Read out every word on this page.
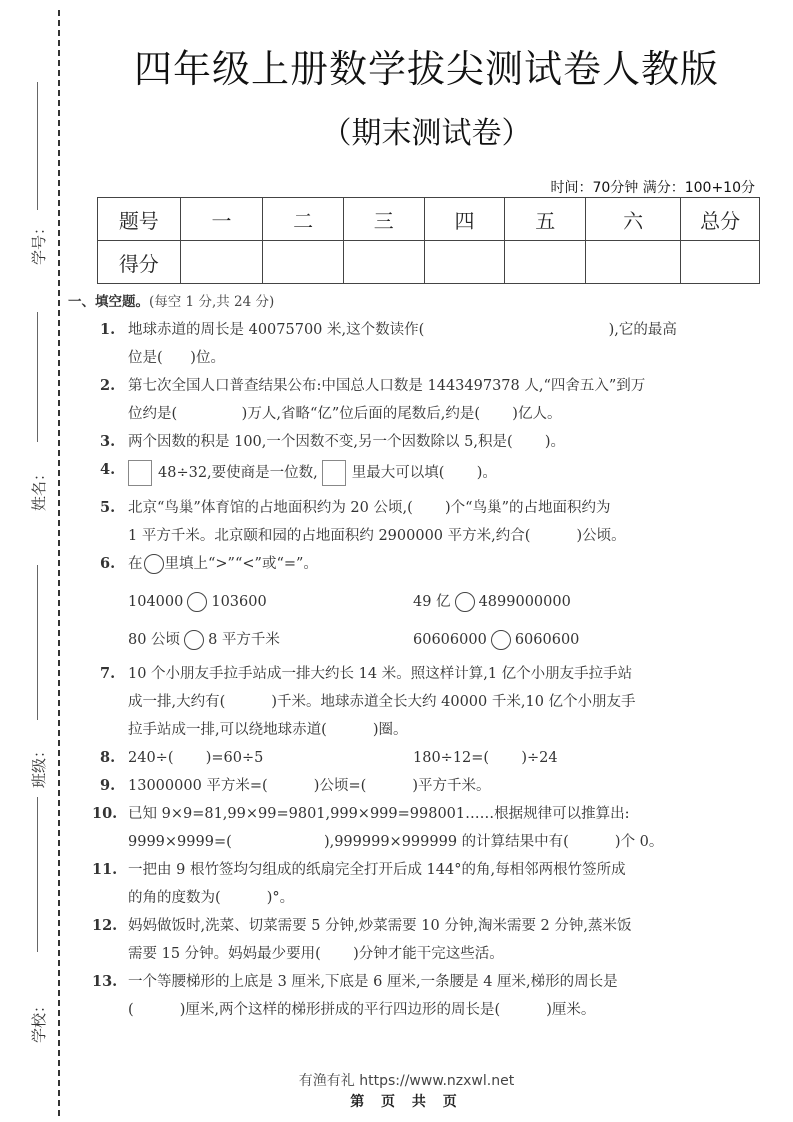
学号：
姓名：
班级：
学校：
四年级上册数学拔尖测试卷人教版
（期末测试卷）
时间：70分钟 满分：100+10分
题号	一	二	三	四	五	六	总分
得分							
一、填空题。(每空 1 分,共 24 分)
1. 地球赤道的周长是 40075700 米,这个数读作(                                        ),它的最高
位是(      )位。
2. 第七次全国人口普查结果公布:中国总人口数是 1443497378 人,“四舍五入”到万
位约是(              )万人,省略“亿”位后面的尾数后,约是(       )亿人。
3. 两个因数的积是 100,一个因数不变,另一个因数除以 5,积是(       )。
4.	48÷32,要使商是一位数, 里最大可以填(       )。
5. 北京“鸟巢”体育馆的占地面积约为 20 公顷,(       )个“鸟巢”的占地面积约为
1 平方千米。北京颐和园的占地面积约 2900000 平方米,约合(          )公顷。
6. 在 里填上“>”“<”或“=”。
104000 103600	49 亿 4899000000
80 公顷 8 平方千米	60606000 6060600
7. 10 个小朋友手拉手站成一排大约长 14 米。照这样计算,1 亿个小朋友手拉手站
成一排,大约有(          )千米。地球赤道全长大约 40000 千米,10 亿个小朋友手
拉手站成一排,可以绕地球赤道(          )圈。
8. 240÷(       )=60÷5	180÷12=(       )÷24
9. 13000000 平方米=(          )公顷=(          )平方千米。
10. 已知 9×9=81,99×99=9801,999×999=998001……根据规律可以推算出:
9999×9999=(                    ),999999×999999 的计算结果中有(          )个 0。
11. 一把由 9 根竹签均匀组成的纸扇完全打开后成 144°的角,每相邻两根竹签所成
的角的度数为(          )°。
12. 妈妈做饭时,洗菜、切菜需要 5 分钟,炒菜需要 10 分钟,淘米需要 2 分钟,蒸米饭
需要 15 分钟。妈妈最少要用(       )分钟才能干完这些活。
13. 一个等腰梯形的上底是 3 厘米,下底是 6 厘米,一条腰是 4 厘米,梯形的周长是
(          )厘米,两个这样的梯形拼成的平行四边形的周长是(          )厘米。
有渔有礼 https://www.nzxwl.net
第 页 共 页
